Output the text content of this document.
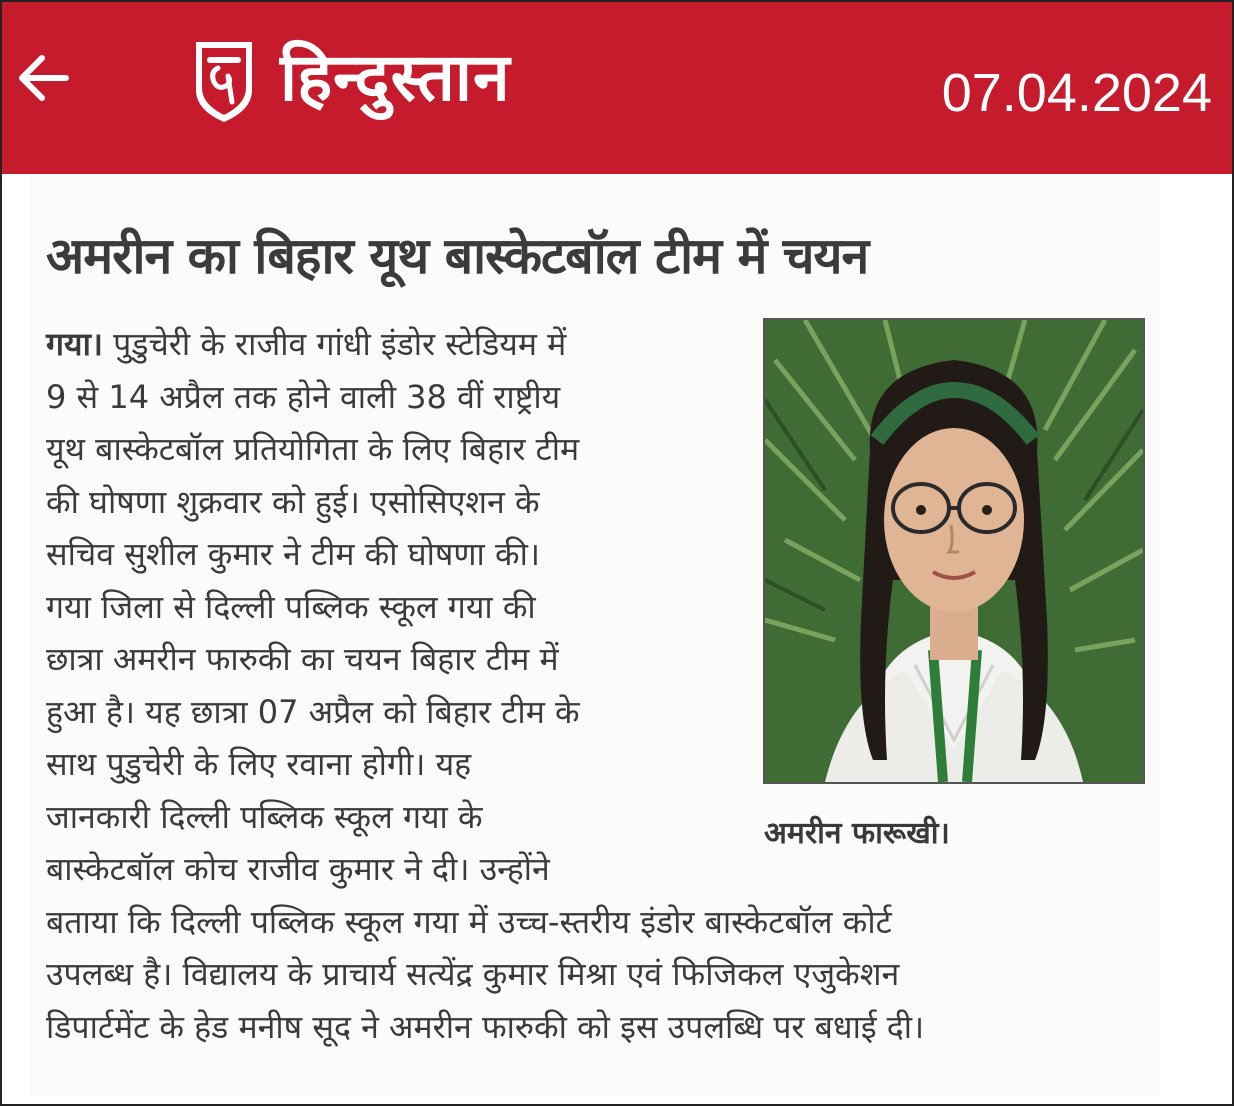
हिन्दुस्तान	07.04.2024
अमरीन का बिहार यूथ बास्केटबॉल टीम में चयन
गया। पुडुचेरी के राजीव गांधी इंडोर स्टेडियम में
9 से 14 अप्रैल तक होने वाली 38 वीं राष्ट्रीय
यूथ बास्केटबॉल प्रतियोगिता के लिए बिहार टीम
की घोषणा शुक्रवार को हुई। एसोसिएशन के
सचिव सुशील कुमार ने टीम की घोषणा की।
गया जिला से दिल्ली पब्लिक स्कूल गया की
छात्रा अमरीन फारुकी का चयन बिहार टीम में
हुआ है। यह छात्रा 07 अप्रैल को बिहार टीम के
साथ पुडुचेरी के लिए रवाना होगी। यह
जानकारी दिल्ली पब्लिक स्कूल गया के
बास्केटबॉल कोच राजीव कुमार ने दी। उन्होंने
बताया कि दिल्ली पब्लिक स्कूल गया में उच्च-स्तरीय इंडोर बास्केटबॉल कोर्ट
उपलब्ध है। विद्यालय के प्राचार्य सत्येंद्र कुमार मिश्रा एवं फिजिकल एजुकेशन
डिपार्टमेंट के हेड मनीष सूद ने अमरीन फारुकी को इस उपलब्धि पर बधाई दी।
अमरीन फारूखी।
